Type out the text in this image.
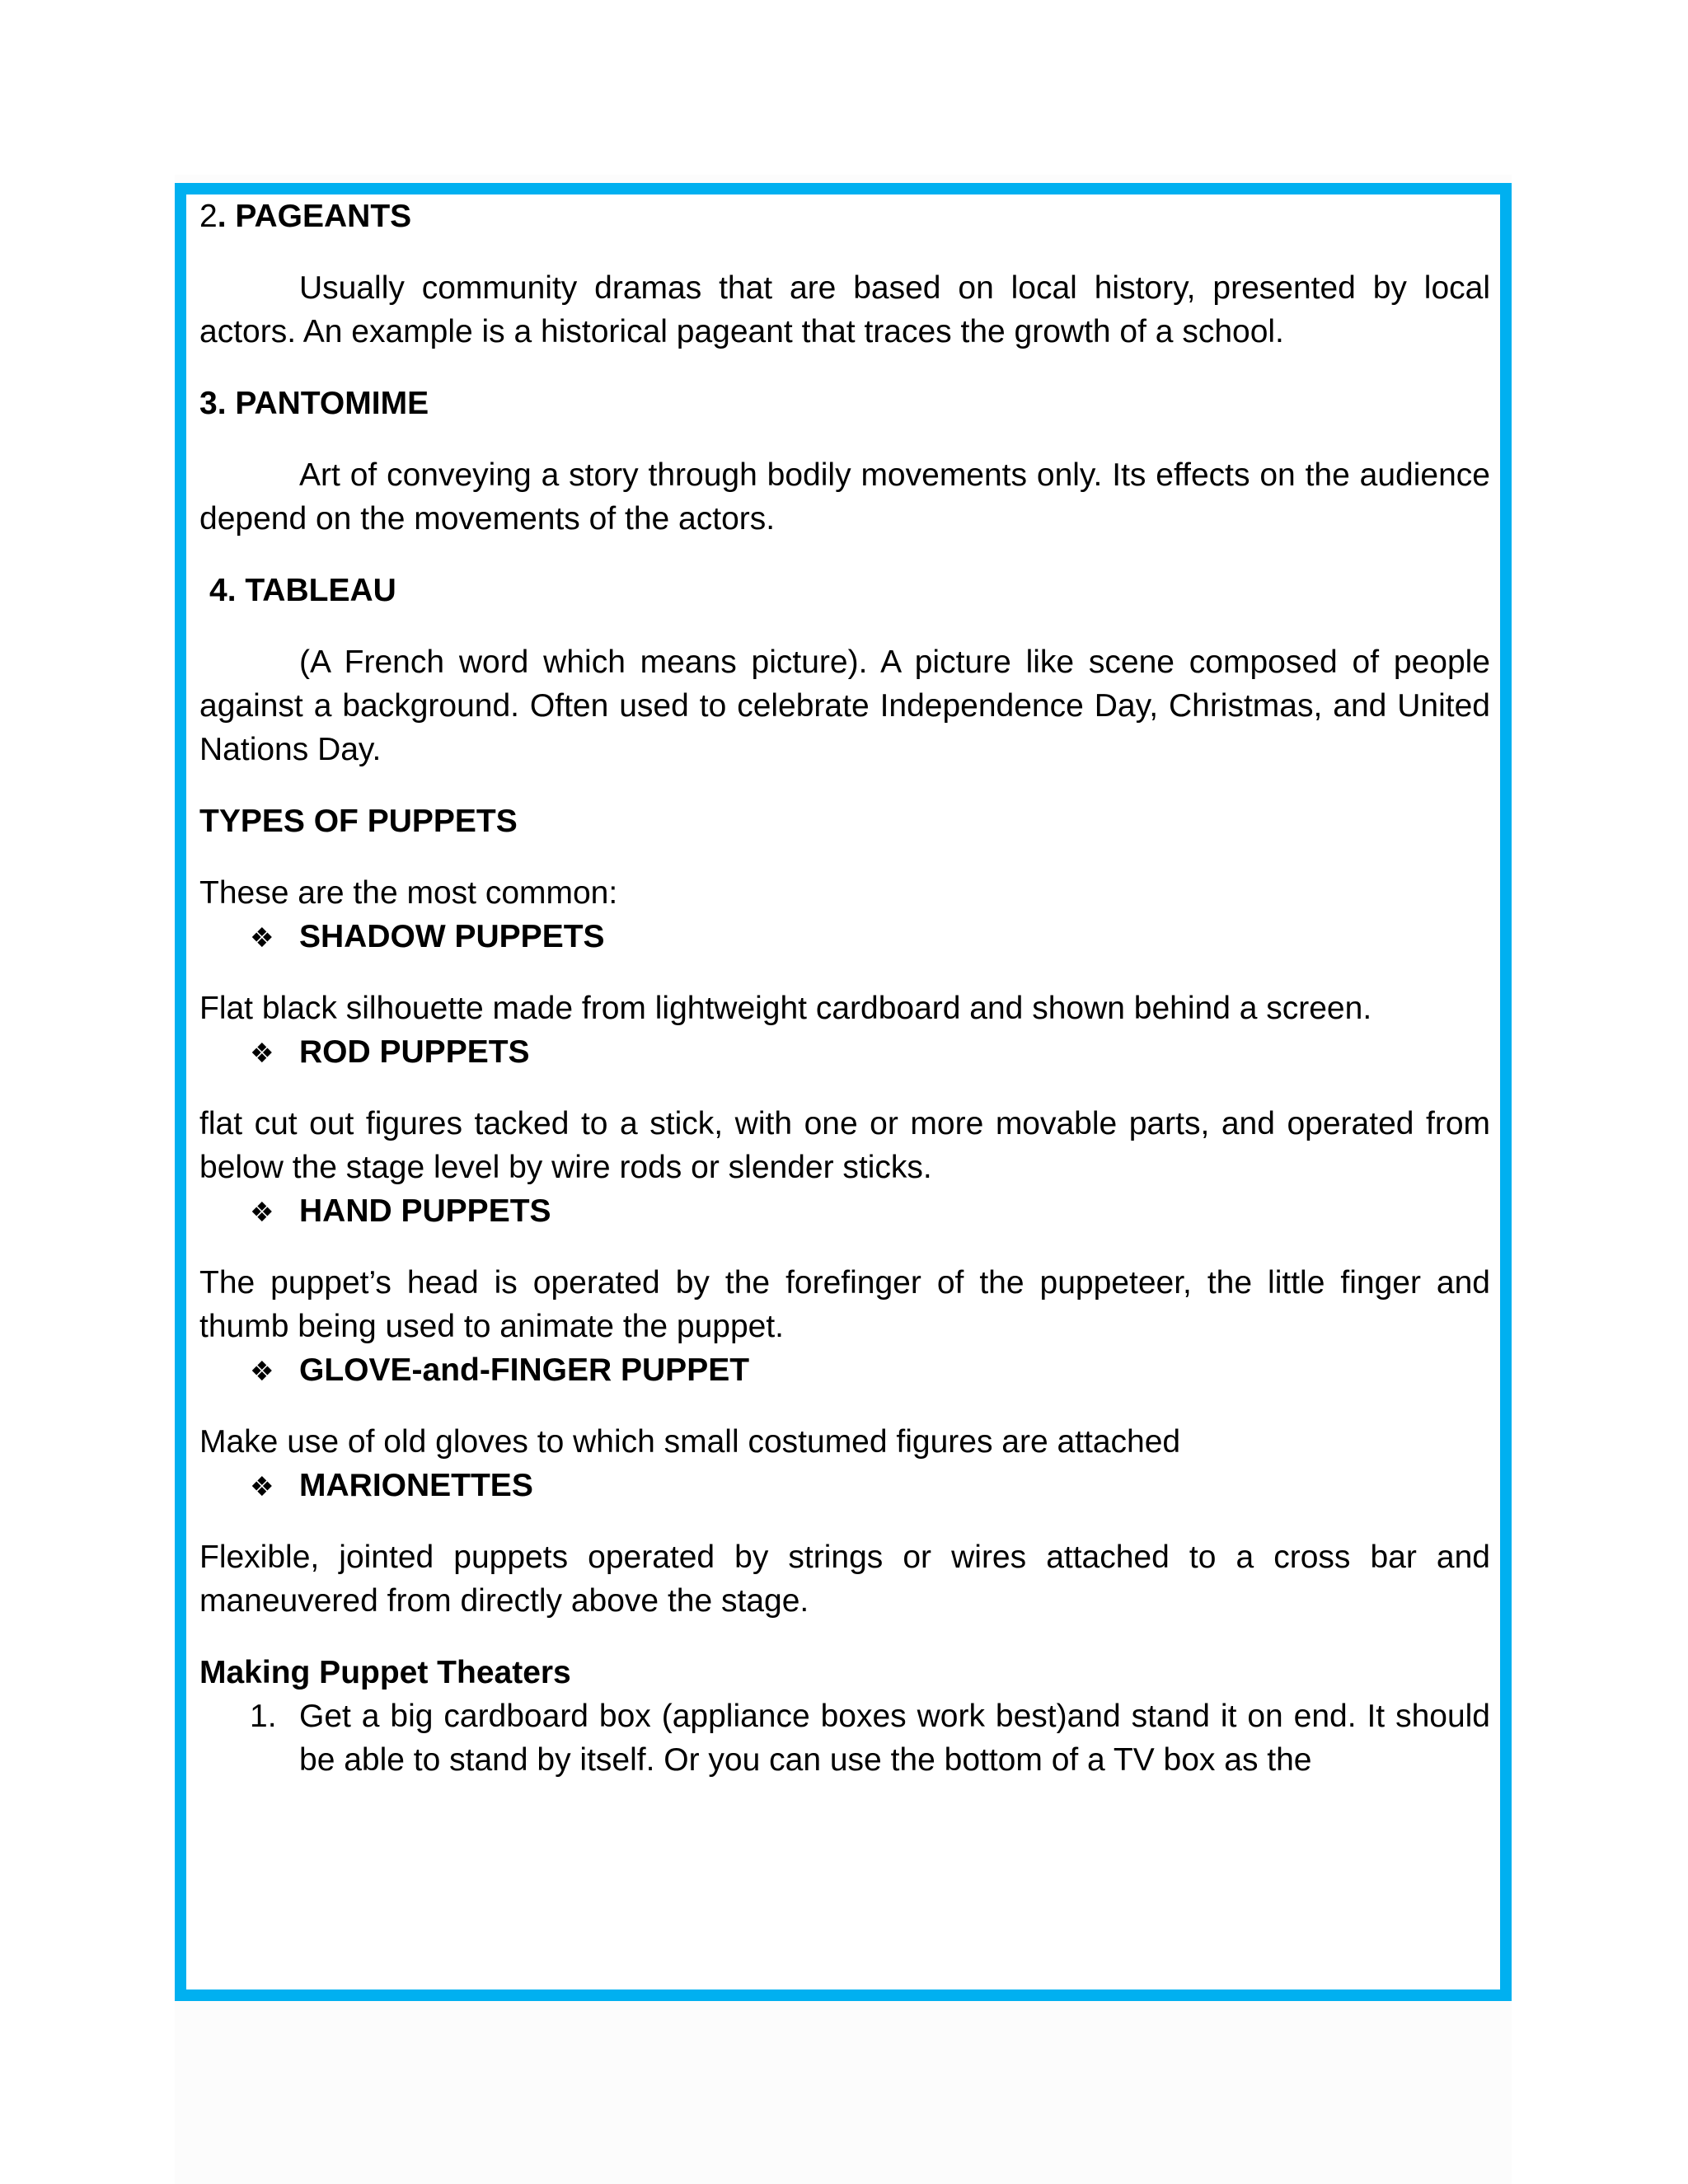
2. PAGEANTS

Usually community dramas that are based on local history, presented by local actors. An example is a historical pageant that traces the growth of a school.

3. PANTOMIME

Art of conveying a story through bodily movements only. Its effects on the audience depend on the movements of the actors.

4. TABLEAU

(A French word which means picture). A picture like scene composed of people against a background. Often used to celebrate Independence Day, Christmas, and United Nations Day.

TYPES OF PUPPETS

These are the most common:

❖ SHADOW PUPPETS

Flat black silhouette made from lightweight cardboard and shown behind a screen.

❖ ROD PUPPETS

flat cut out figures tacked to a stick, with one or more movable parts, and operated from below the stage level by wire rods or slender sticks.

❖ HAND PUPPETS

The puppet’s head is operated by the forefinger of the puppeteer, the little finger and thumb being used to animate the puppet.

❖ GLOVE-and-FINGER PUPPET

Make use of old gloves to which small costumed figures are attached

❖ MARIONETTES

Flexible, jointed puppets operated by strings or wires attached to a cross bar and maneuvered from directly above the stage.

Making Puppet Theaters

1. Get a big cardboard box (appliance boxes work best)and stand it on end. It should be able to stand by itself. Or you can use the bottom of a TV box as the
